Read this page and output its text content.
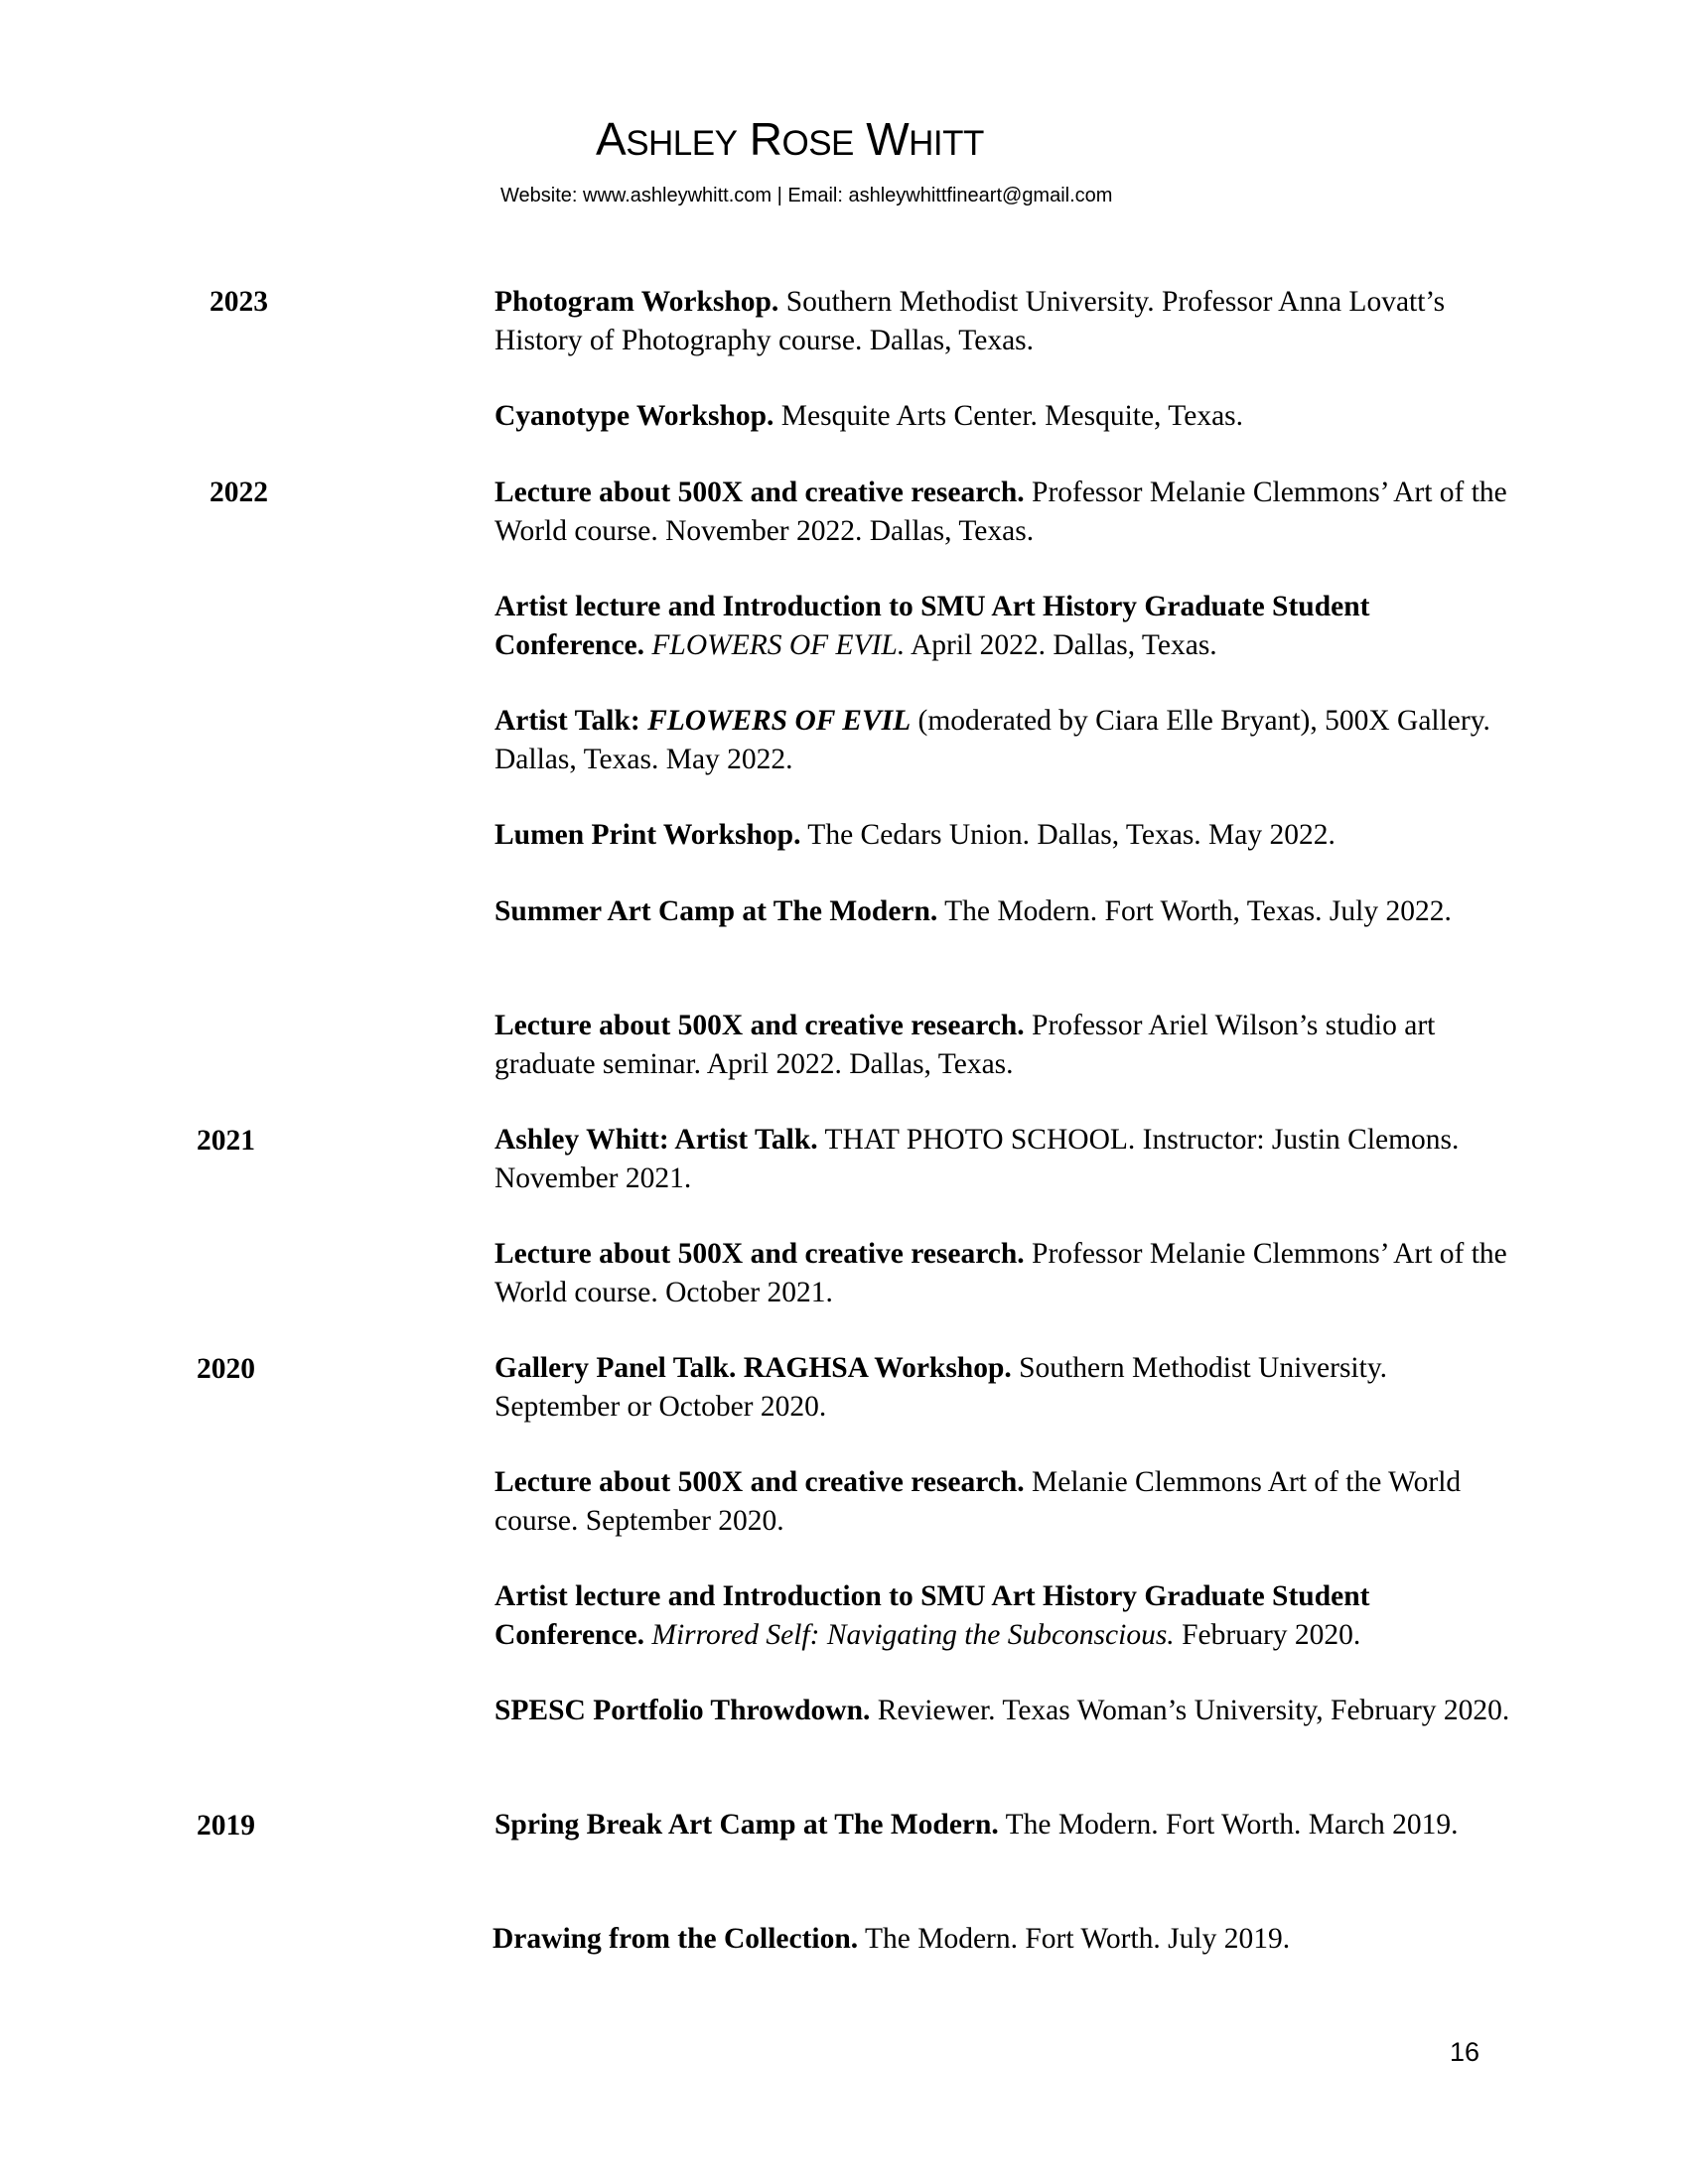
ASHLEY ROSE WHITT
Website: www.ashleywhitt.com | Email: ashleywhittfineart@gmail.com
2023	Photogram Workshop. Southern Methodist University. Professor Anna Lovatt’s History of Photography course. Dallas, Texas.
Cyanotype Workshop. Mesquite Arts Center. Mesquite, Texas.
2022	Lecture about 500X and creative research. Professor Melanie Clemmons’ Art of the World course. November 2022. Dallas, Texas.
Artist lecture and Introduction to SMU Art History Graduate Student Conference. FLOWERS OF EVIL. April 2022. Dallas, Texas.
Artist Talk: FLOWERS OF EVIL (moderated by Ciara Elle Bryant), 500X Gallery. Dallas, Texas. May 2022.
Lumen Print Workshop. The Cedars Union. Dallas, Texas. May 2022.
Summer Art Camp at The Modern. The Modern. Fort Worth, Texas. July 2022.
Lecture about 500X and creative research. Professor Ariel Wilson’s studio art graduate seminar. April 2022. Dallas, Texas.
2021	Ashley Whitt: Artist Talk. THAT PHOTO SCHOOL. Instructor: Justin Clemons. November 2021.
Lecture about 500X and creative research. Professor Melanie Clemmons’ Art of the World course. October 2021.
2020	Gallery Panel Talk. RAGHSA Workshop. Southern Methodist University. September or October 2020.
Lecture about 500X and creative research. Melanie Clemmons Art of the World course. September 2020.
Artist lecture and Introduction to SMU Art History Graduate Student Conference. Mirrored Self: Navigating the Subconscious. February 2020.
SPESC Portfolio Throwdown. Reviewer. Texas Woman’s University, February 2020.
2019	Spring Break Art Camp at The Modern. The Modern. Fort Worth. March 2019.
Drawing from the Collection. The Modern. Fort Worth. July 2019.
16
